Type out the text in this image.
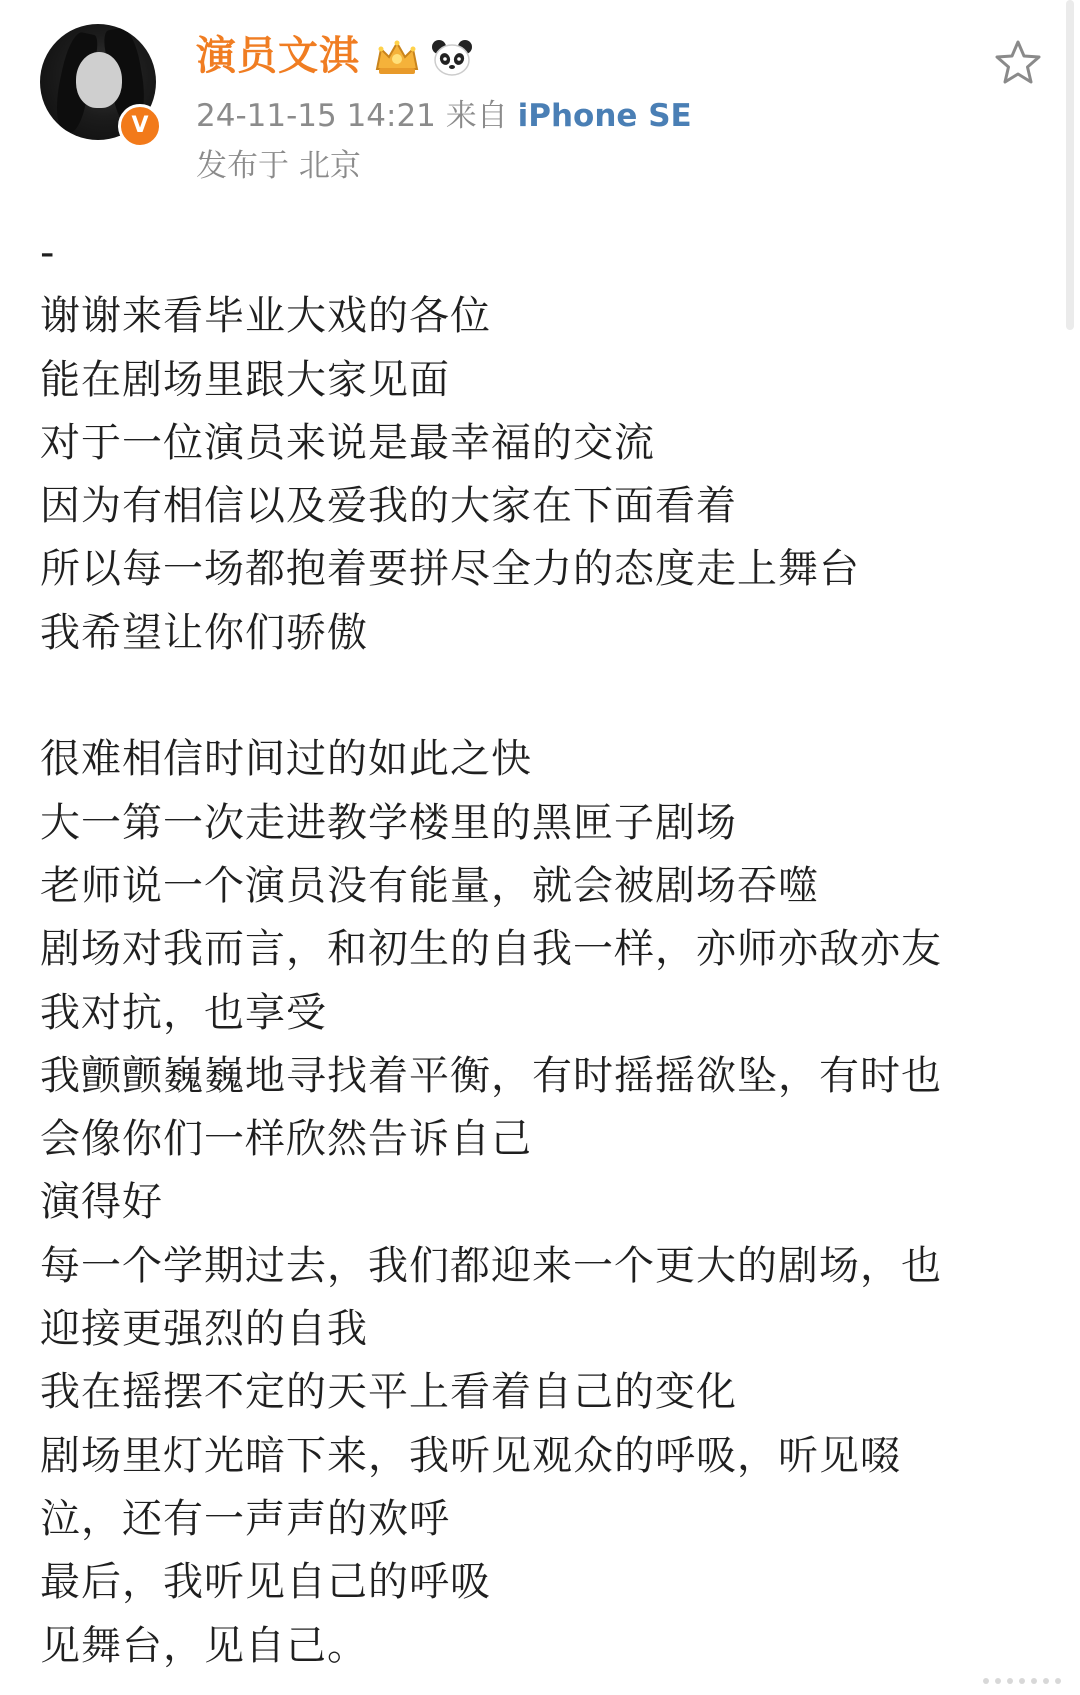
V
演员文淇
24-11-15 14:21 来自 iPhone SE
发布于 北京
-
谢谢来看毕业大戏的各位
能在剧场里跟大家见面
对于一位演员来说是最幸福的交流
因为有相信以及爱我的大家在下面看着
所以每一场都抱着要拼尽全力的态度走上舞台
我希望让你们骄傲
很难相信时间过的如此之快
大一第一次走进教学楼里的黑匣子剧场
老师说一个演员没有能量，就会被剧场吞噬
剧场对我而言，和初生的自我一样，亦师亦敌亦友
我对抗，也享受
我颤颤巍巍地寻找着平衡，有时摇摇欲坠，有时也
会像你们一样欣然告诉自己
演得好
每一个学期过去，我们都迎来一个更大的剧场，也
迎接更强烈的自我
我在摇摆不定的天平上看着自己的变化
剧场里灯光暗下来，我听见观众的呼吸，听见啜
泣，还有一声声的欢呼
最后，我听见自己的呼吸
见舞台，见自己。
